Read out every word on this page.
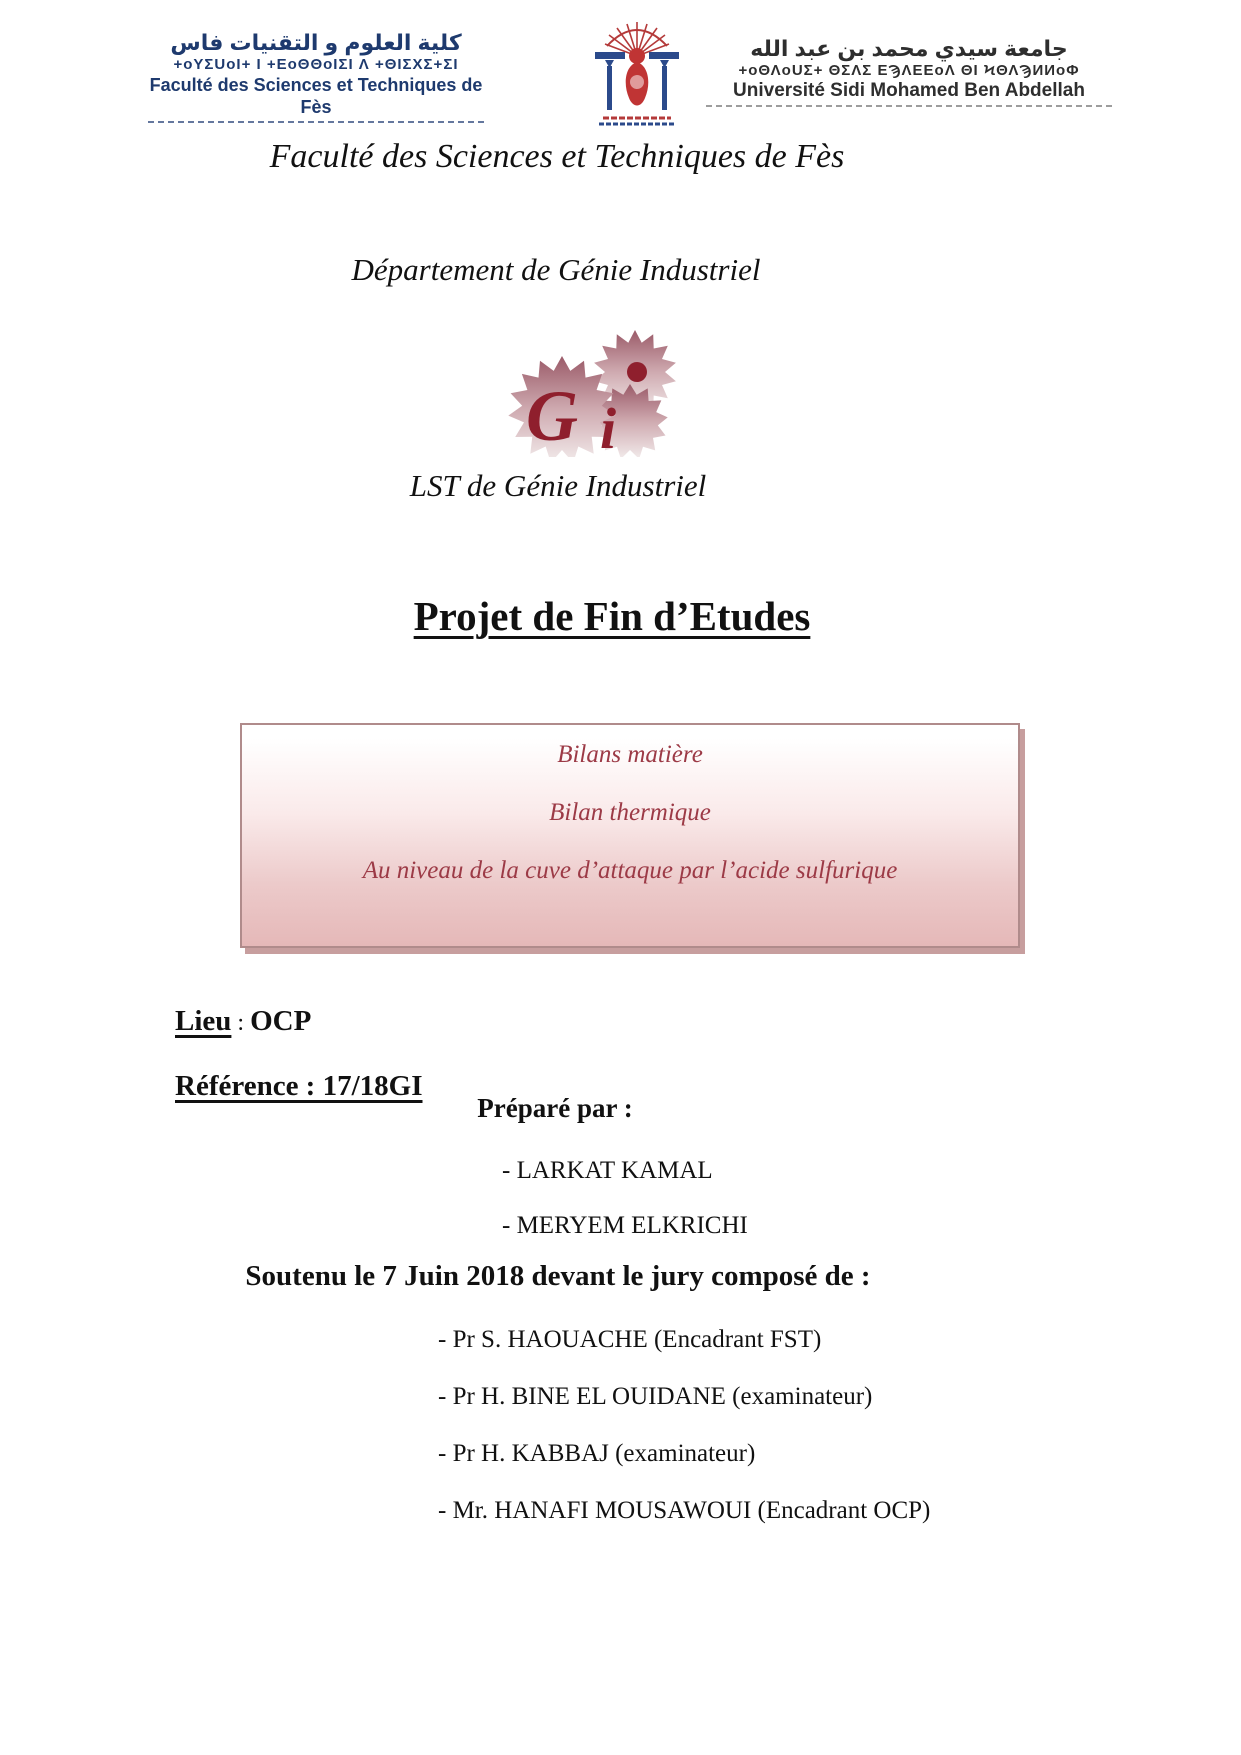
كلية العلوم و التقنيات فاس
+oYΣUoI+ I +ΕoΘΘoIΣI Λ +ΘIΣXΣ+ΣI
Faculté des Sciences et Techniques de Fès
جامعة سيدي محمد بن عبد الله
+oΘΛoUΣ+ ΘΣΛΣ ΕϠΛΕΕoΛ ΘI ϞΘΛϠИИoΦ
Université Sidi Mohamed Ben Abdellah
Faculté des Sciences et Techniques de Fès
Département de Génie Industriel
G i
LST de Génie Industriel
Projet de Fin d’Etudes
Bilans matière
Bilan thermique
Au niveau de la cuve d’attaque par l’acide sulfurique

Lieu : OCP

Référence : 17/18GI

Préparé par :
- LARKAT KAMAL
- MERYEM ELKRICHI
Soutenu le 7 Juin 2018 devant le jury composé de :
- Pr S. HAOUACHE (Encadrant FST)
- Pr H. BINE EL OUIDANE (examinateur)
- Pr H. KABBAJ (examinateur)
- Mr. HANAFI MOUSAWOUI (Encadrant OCP)
